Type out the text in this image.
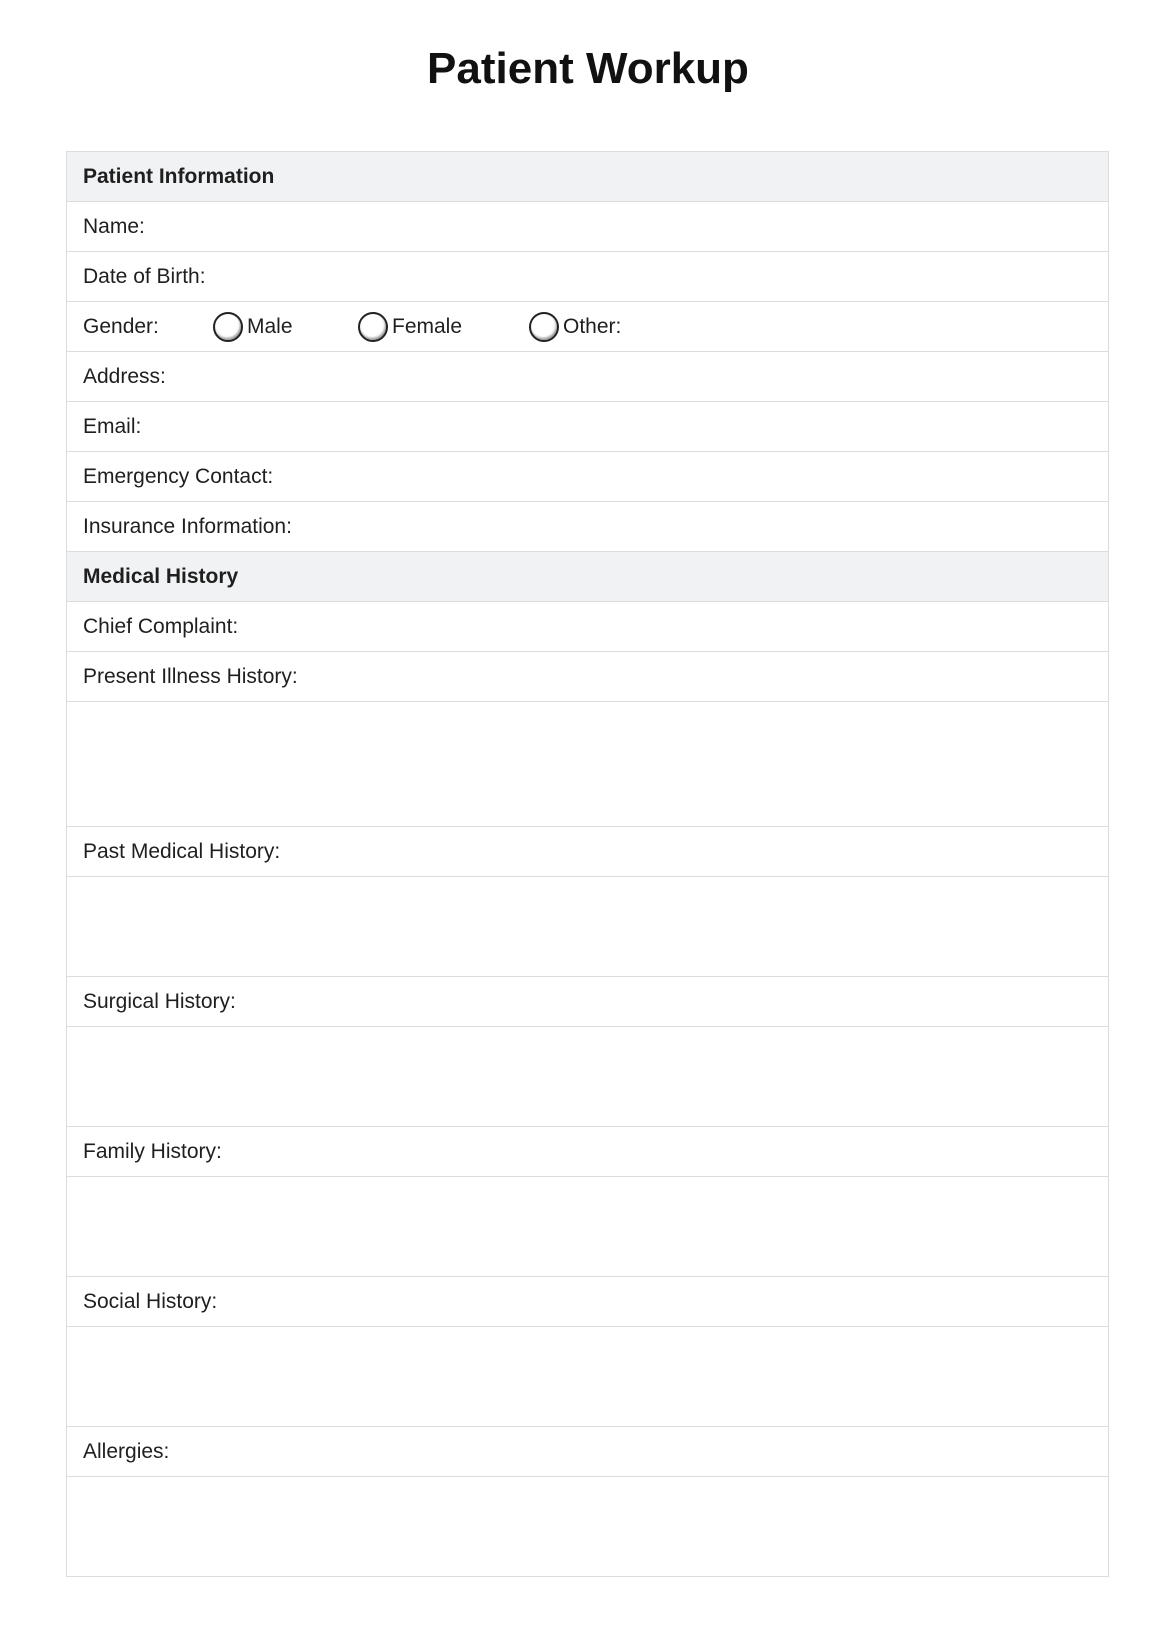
Patient Workup
Patient Information
Name:
Date of Birth:
Gender:	Male	Female	Other:
Address:
Email:
Emergency Contact:
Insurance Information:
Medical History
Chief Complaint:
Present Illness History:
Past Medical History:
Surgical History:
Family History:
Social History:
Allergies:
